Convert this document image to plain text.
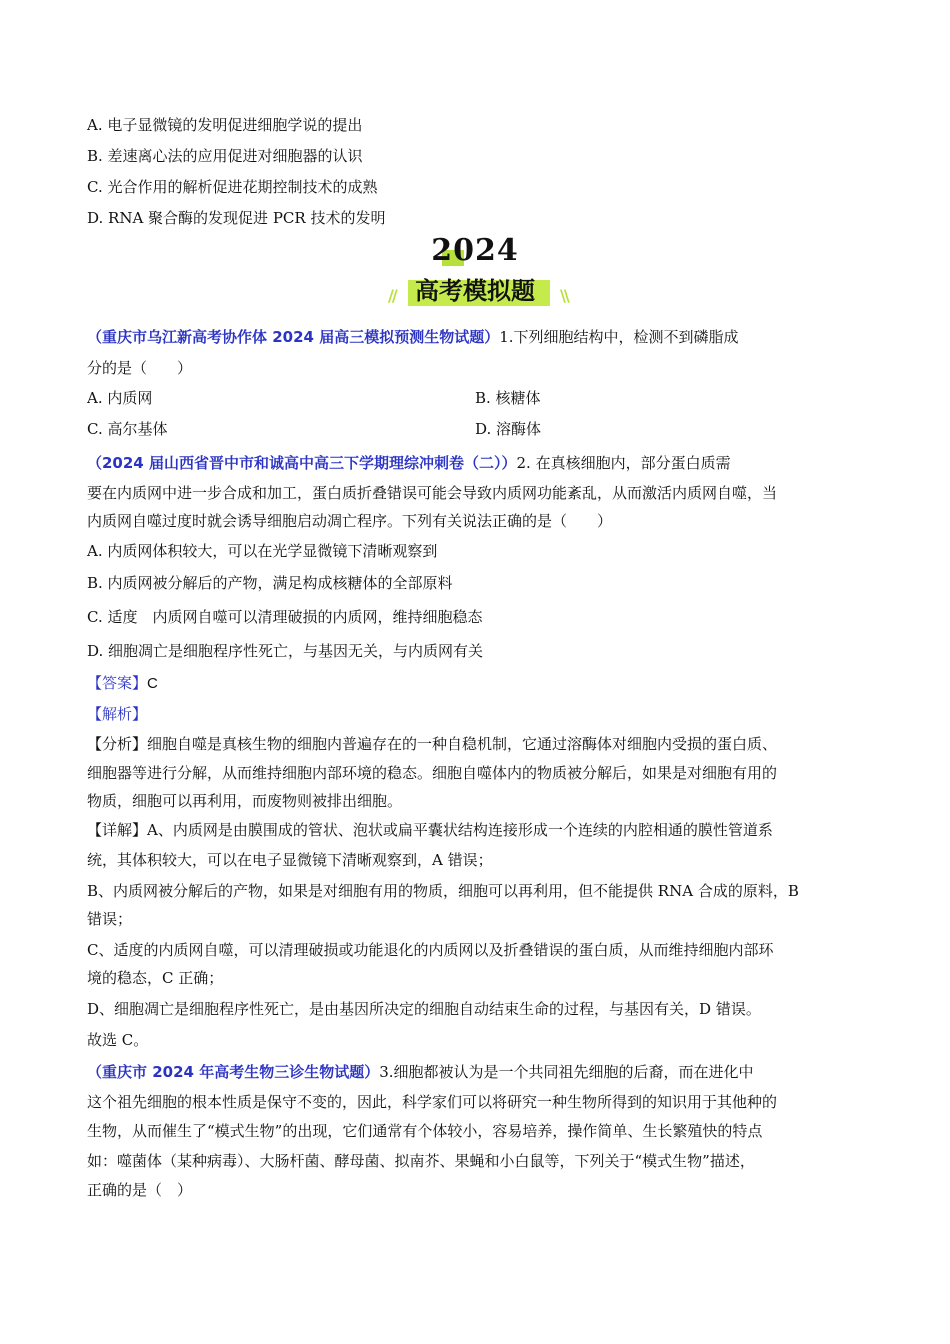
A. 电子显微镜的发明促进细胞学说的提出
B. 差速离心法的应用促进对细胞器的认识
C. 光合作用的解析促进花期控制技术的成熟
D. RNA 聚合酶的发现促进 PCR 技术的发明
2024
// 高考模拟题	\\
（重庆市乌江新高考协作体 2024 届高三模拟预测生物试题）1.下列细胞结构中，检测不到磷脂成
分的是（　　）
A. 内质网	B. 核糖体
C. 高尔基体	D. 溶酶体
（2024 届山西省晋中市和诚高中高三下学期理综冲刺卷（二））2. 在真核细胞内，部分蛋白质需
要在内质网中进一步合成和加工，蛋白质折叠错误可能会导致内质网功能紊乱，从而激活内质网自噬，当
内质网自噬过度时就会诱导细胞启动凋亡程序。下列有关说法正确的是（　　）
A. 内质网体积较大，可以在光学显微镜下清晰观察到
B. 内质网被分解后的产物，满足构成核糖体的全部原料
C. 适度　内质网自噬可以清理破损的内质网，维持细胞稳态
D. 细胞凋亡是细胞程序性死亡，与基因无关，与内质网有关
【答案】C
【解析】
【分析】细胞自噬是真核生物的细胞内普遍存在的一种自稳机制，它通过溶酶体对细胞内受损的蛋白质、
细胞器等进行分解，从而维持细胞内部环境的稳态。细胞自噬体内的物质被分解后，如果是对细胞有用的
物质，细胞可以再利用，而废物则被排出细胞。
【详解】A、内质网是由膜围成的管状、泡状或扁平囊状结构连接形成一个连续的内腔相通的膜性管道系
统，其体积较大，可以在电子显微镜下清晰观察到，A 错误；
B、内质网被分解后的产物，如果是对细胞有用的物质，细胞可以再利用，但不能提供 RNA 合成的原料，B
错误；
C、适度的内质网自噬，可以清理破损或功能退化的内质网以及折叠错误的蛋白质，从而维持细胞内部环
境的稳态，C 正确；
D、细胞凋亡是细胞程序性死亡，是由基因所决定的细胞自动结束生命的过程，与基因有关，D 错误。
故选 C。
（重庆市 2024 年高考生物三诊生物试题）3.细胞都被认为是一个共同祖先细胞的后裔，而在进化中
这个祖先细胞的根本性质是保守不变的，因此，科学家们可以将研究一种生物所得到的知识用于其他种的
生物，从而催生了“模式生物”的出现，它们通常有个体较小，容易培养，操作简单、生长繁殖快的特点
如：噬菌体（某种病毒）、大肠杆菌、酵母菌、拟南芥、果蝇和小白鼠等，下列关于“模式生物”描述，
正确的是（　）
